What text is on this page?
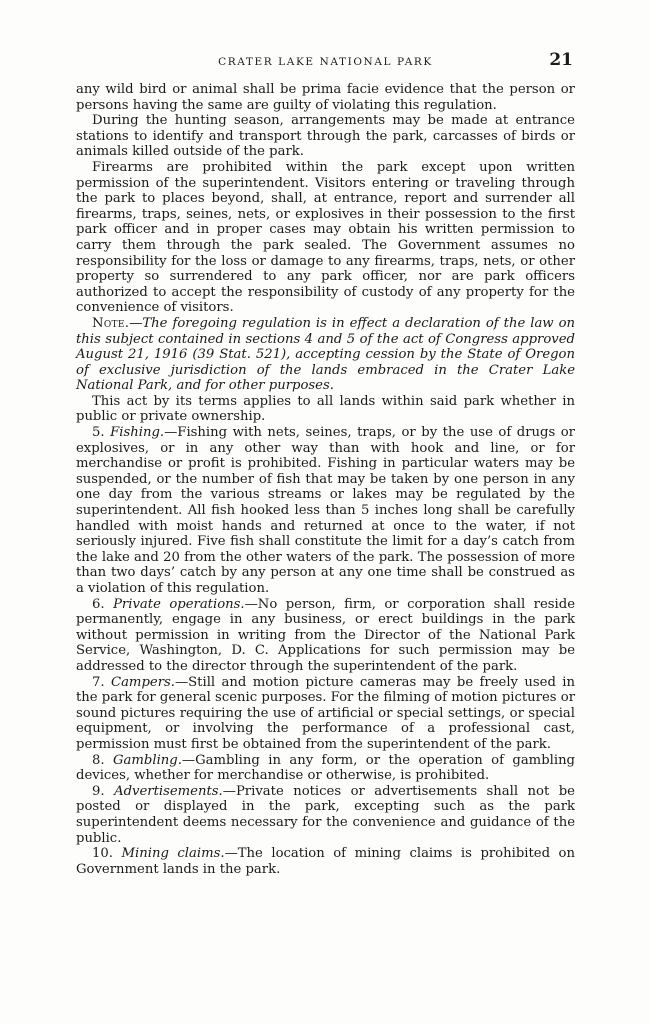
CRATER LAKE NATIONAL PARK	21

any wild bird or animal shall be prima facie evidence that the person or persons having the same are guilty of violating this regulation.

During the hunting season, arrangements may be made at entrance stations to identify and transport through the park, carcasses of birds or animals killed outside of the park.

Firearms are prohibited within the park except upon written permission of the superintendent. Visitors entering or traveling through the park to places beyond, shall, at entrance, report and surrender all firearms, traps, seines, nets, or explosives in their possession to the first park officer and in proper cases may obtain his written permission to carry them through the park sealed. The Government assumes no responsibility for the loss or damage to any firearms, traps, nets, or other property so surrendered to any park officer, nor are park officers authorized to accept the responsibility of custody of any property for the convenience of visitors.

Note.—The foregoing regulation is in effect a declaration of the law on this subject contained in sections 4 and 5 of the act of Congress approved August 21, 1916 (39 Stat. 521), accepting cession by the State of Oregon of exclusive jurisdiction of the lands embraced in the Crater Lake National Park, and for other purposes.

This act by its terms applies to all lands within said park whether in public or private ownership.

5. Fishing.—Fishing with nets, seines, traps, or by the use of drugs or explosives, or in any other way than with hook and line, or for merchandise or profit is prohibited. Fishing in particular waters may be suspended, or the number of fish that may be taken by one person in any one day from the various streams or lakes may be regulated by the superintendent. All fish hooked less than 5 inches long shall be carefully handled with moist hands and returned at once to the water, if not seriously injured. Five fish shall constitute the limit for a day’s catch from the lake and 20 from the other waters of the park. The possession of more than two days’ catch by any person at any one time shall be construed as a violation of this regulation.

6. Private operations.—No person, firm, or corporation shall reside permanently, engage in any business, or erect buildings in the park without permission in writing from the Director of the National Park Service, Washington, D. C. Applications for such permission may be addressed to the director through the superintendent of the park.

7. Campers.—Still and motion picture cameras may be freely used in the park for general scenic purposes. For the filming of motion pictures or sound pictures requiring the use of artificial or special settings, or special equipment, or involving the performance of a professional cast, permission must first be obtained from the superintendent of the park.

8. Gambling.—Gambling in any form, or the operation of gambling devices, whether for merchandise or otherwise, is prohibited.

9. Advertisements.—Private notices or advertisements shall not be posted or displayed in the park, excepting such as the park superintendent deems necessary for the convenience and guidance of the public.

10. Mining claims.—The location of mining claims is prohibited on Government lands in the park.
